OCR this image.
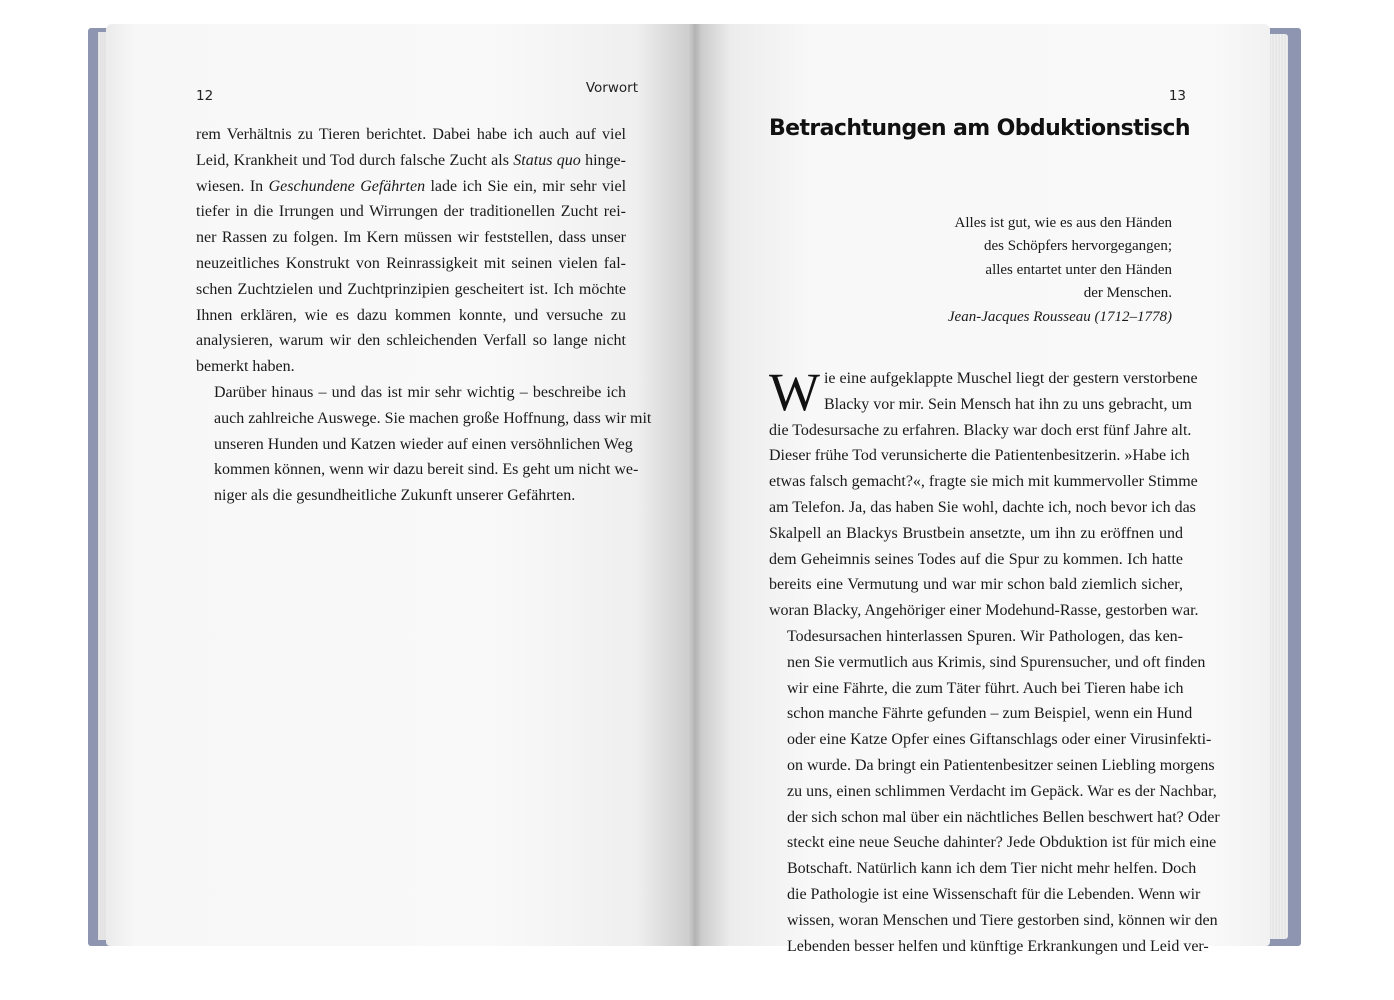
12	Vorwort

rem Verhältnis zu Tieren berichtet. Dabei habe ich auch auf viel
Leid, Krankheit und Tod durch falsche Zucht als Status quo hinge-
wiesen. In Geschundene Gefährten lade ich Sie ein, mir sehr viel
tiefer in die Irrungen und Wirrungen der traditionellen Zucht rei-
ner Rassen zu folgen. Im Kern müssen wir feststellen, dass unser
neuzeitliches Konstrukt von Reinrassigkeit mit seinen vielen fal-
schen Zuchtzielen und Zuchtprinzipien gescheitert ist. Ich möchte
Ihnen erklären, wie es dazu kommen konnte, und versuche zu
analysieren, warum wir den schleichenden Verfall so lange nicht
bemerkt haben.

Darüber hinaus – und das ist mir sehr wichtig – beschreibe ich
auch zahlreiche Auswege. Sie machen große Hoffnung, dass wir mit
unseren Hunden und Katzen wieder auf einen versöhnlichen Weg
kommen können, wenn wir dazu bereit sind. Es geht um nicht we-
niger als die gesundheitliche Zukunft unserer Gefährten.

13
Betrachtungen am Obduktionstisch
Alles ist gut, wie es aus den Händen
des Schöpfers hervorgegangen;
alles entartet unter den Händen
der Menschen.
Jean-Jacques Rousseau (1712–1778)

W ie eine aufgeklappte Muschel liegt der gestern verstorbene
Blacky vor mir. Sein Mensch hat ihn zu uns gebracht, um
die Todesursache zu erfahren. Blacky war doch erst fünf Jahre alt.
Dieser frühe Tod verunsicherte die Patientenbesitzerin. »Habe ich
etwas falsch gemacht?«, fragte sie mich mit kummervoller Stimme
am Telefon. Ja, das haben Sie wohl, dachte ich, noch bevor ich das
Skalpell an Blackys Brustbein ansetzte, um ihn zu eröffnen und
dem Geheimnis seines Todes auf die Spur zu kommen. Ich hatte
bereits eine Vermutung und war mir schon bald ziemlich sicher,
woran Blacky, Angehöriger einer Modehund-Rasse, gestorben war.

Todesursachen hinterlassen Spuren. Wir Pathologen, das ken-
nen Sie vermutlich aus Krimis, sind Spurensucher, und oft finden
wir eine Fährte, die zum Täter führt. Auch bei Tieren habe ich
schon manche Fährte gefunden – zum Beispiel, wenn ein Hund
oder eine Katze Opfer eines Giftanschlags oder einer Virusinfekti-
on wurde. Da bringt ein Patientenbesitzer seinen Liebling morgens
zu uns, einen schlimmen Verdacht im Gepäck. War es der Nachbar,
der sich schon mal über ein nächtliches Bellen beschwert hat? Oder
steckt eine neue Seuche dahinter? Jede Obduktion ist für mich eine
Botschaft. Natürlich kann ich dem Tier nicht mehr helfen. Doch
die Pathologie ist eine Wissenschaft für die Lebenden. Wenn wir
wissen, woran Menschen und Tiere gestorben sind, können wir den
Lebenden besser helfen und künftige Erkrankungen und Leid ver-
